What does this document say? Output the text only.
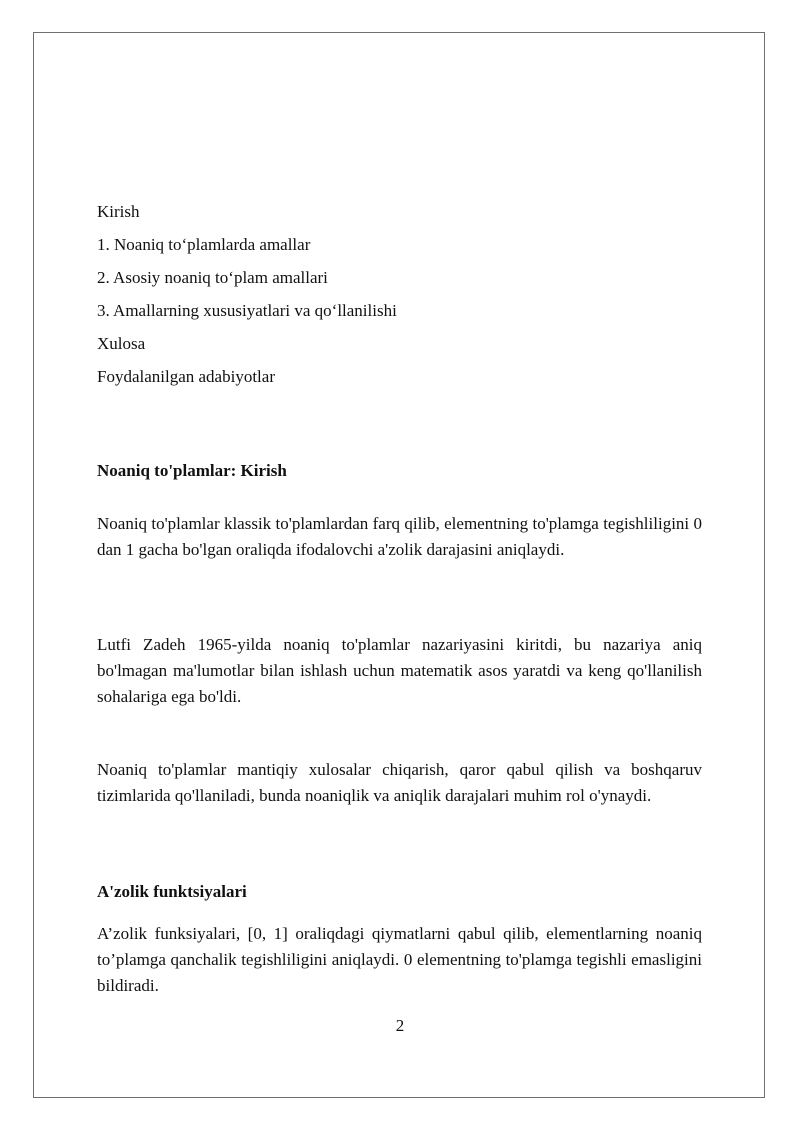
Kirish
1. Noaniq to‘plamlarda amallar
2. Asosiy noaniq to‘plam amallari
3. Amallarning xususiyatlari va qo‘llanilishi
Xulosa
Foydalanilgan adabiyotlar
Noaniq to'plamlar: Kirish

Noaniq to'plamlar klassik to'plamlardan farq qilib, elementning to'plamga tegishliligini 0 dan 1 gacha bo'lgan oraliqda ifodalovchi a'zolik darajasini aniqlaydi.

Lutfi Zadeh 1965-yilda noaniq to'plamlar nazariyasini kiritdi, bu nazariya aniq bo'lmagan ma'lumotlar bilan ishlash uchun matematik asos yaratdi va keng qo'llanilish sohalariga ega bo'ldi.

Noaniq to'plamlar mantiqiy xulosalar chiqarish, qaror qabul qilish va boshqaruv tizimlarida qo'llaniladi, bunda noaniqlik va aniqlik darajalari muhim rol o'ynaydi.

A'zolik funktsiyalari

A’zolik funksiyalari, [0, 1] oraliqdagi qiymatlarni qabul qilib, elementlarning noaniq to’plamga qanchalik tegishliligini aniqlaydi. 0 elementning to'plamga tegishli emasligini bildiradi.

2
